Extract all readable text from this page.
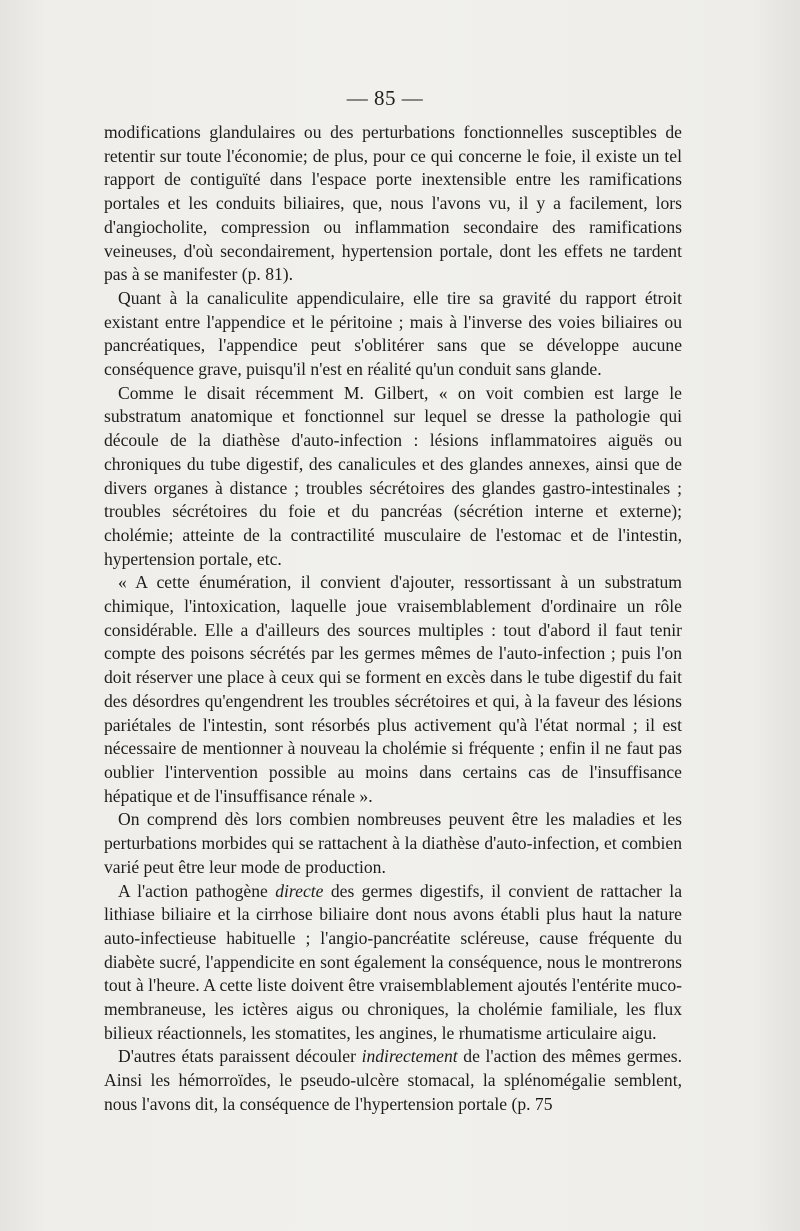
— 85 —

modifications glandulaires ou des perturbations fonctionnelles susceptibles de retentir sur toute l'économie; de plus, pour ce qui concerne le foie, il existe un tel rapport de contiguïté dans l'espace porte inextensible entre les ramifications portales et les conduits biliaires, que, nous l'avons vu, il y a facilement, lors d'angiocholite, compression ou inflammation secondaire des ramifications veineuses, d'où secondairement, hypertension portale, dont les effets ne tardent pas à se manifester (p. 81).

Quant à la canaliculite appendiculaire, elle tire sa gravité du rapport étroit existant entre l'appendice et le péritoine ; mais à l'inverse des voies biliaires ou pancréatiques, l'appendice peut s'oblitérer sans que se développe aucune conséquence grave, puisqu'il n'est en réalité qu'un conduit sans glande.

Comme le disait récemment M. Gilbert, « on voit combien est large le substratum anatomique et fonctionnel sur lequel se dresse la pathologie qui découle de la diathèse d'auto-infection : lésions inflammatoires aiguës ou chroniques du tube digestif, des canalicules et des glandes annexes, ainsi que de divers organes à distance ; troubles sécrétoires des glandes gastro-intestinales ; troubles sécrétoires du foie et du pancréas (sécrétion interne et externe); cholémie; atteinte de la contractilité musculaire de l'estomac et de l'intestin, hypertension portale, etc.

« A cette énumération, il convient d'ajouter, ressortissant à un substratum chimique, l'intoxication, laquelle joue vraisemblablement d'ordinaire un rôle considérable. Elle a d'ailleurs des sources multiples : tout d'abord il faut tenir compte des poisons sécrétés par les germes mêmes de l'auto-infection ; puis l'on doit réserver une place à ceux qui se forment en excès dans le tube digestif du fait des désordres qu'engendrent les troubles sécrétoires et qui, à la faveur des lésions pariétales de l'intestin, sont résorbés plus activement qu'à l'état normal ; il est nécessaire de mentionner à nouveau la cholémie si fréquente ; enfin il ne faut pas oublier l'intervention possible au moins dans certains cas de l'insuffisance hépatique et de l'insuffisance rénale ».

On comprend dès lors combien nombreuses peuvent être les maladies et les perturbations morbides qui se rattachent à la diathèse d'auto-infection, et combien varié peut être leur mode de production.

A l'action pathogène directe des germes digestifs, il convient de rattacher la lithiase biliaire et la cirrhose biliaire dont nous avons établi plus haut la nature auto-infectieuse habituelle ; l'angio-pancréatite scléreuse, cause fréquente du diabète sucré, l'appendicite en sont également la conséquence, nous le montrerons tout à l'heure. A cette liste doivent être vraisemblablement ajoutés l'entérite muco-membraneuse, les ictères aigus ou chroniques, la cholémie familiale, les flux bilieux réactionnels, les stomatites, les angines, le rhumatisme articulaire aigu.

D'autres états paraissent découler indirectement de l'action des mêmes germes. Ainsi les hémorroïdes, le pseudo-ulcère stomacal, la splénomégalie semblent, nous l'avons dit, la conséquence de l'hypertension portale (p. 75
